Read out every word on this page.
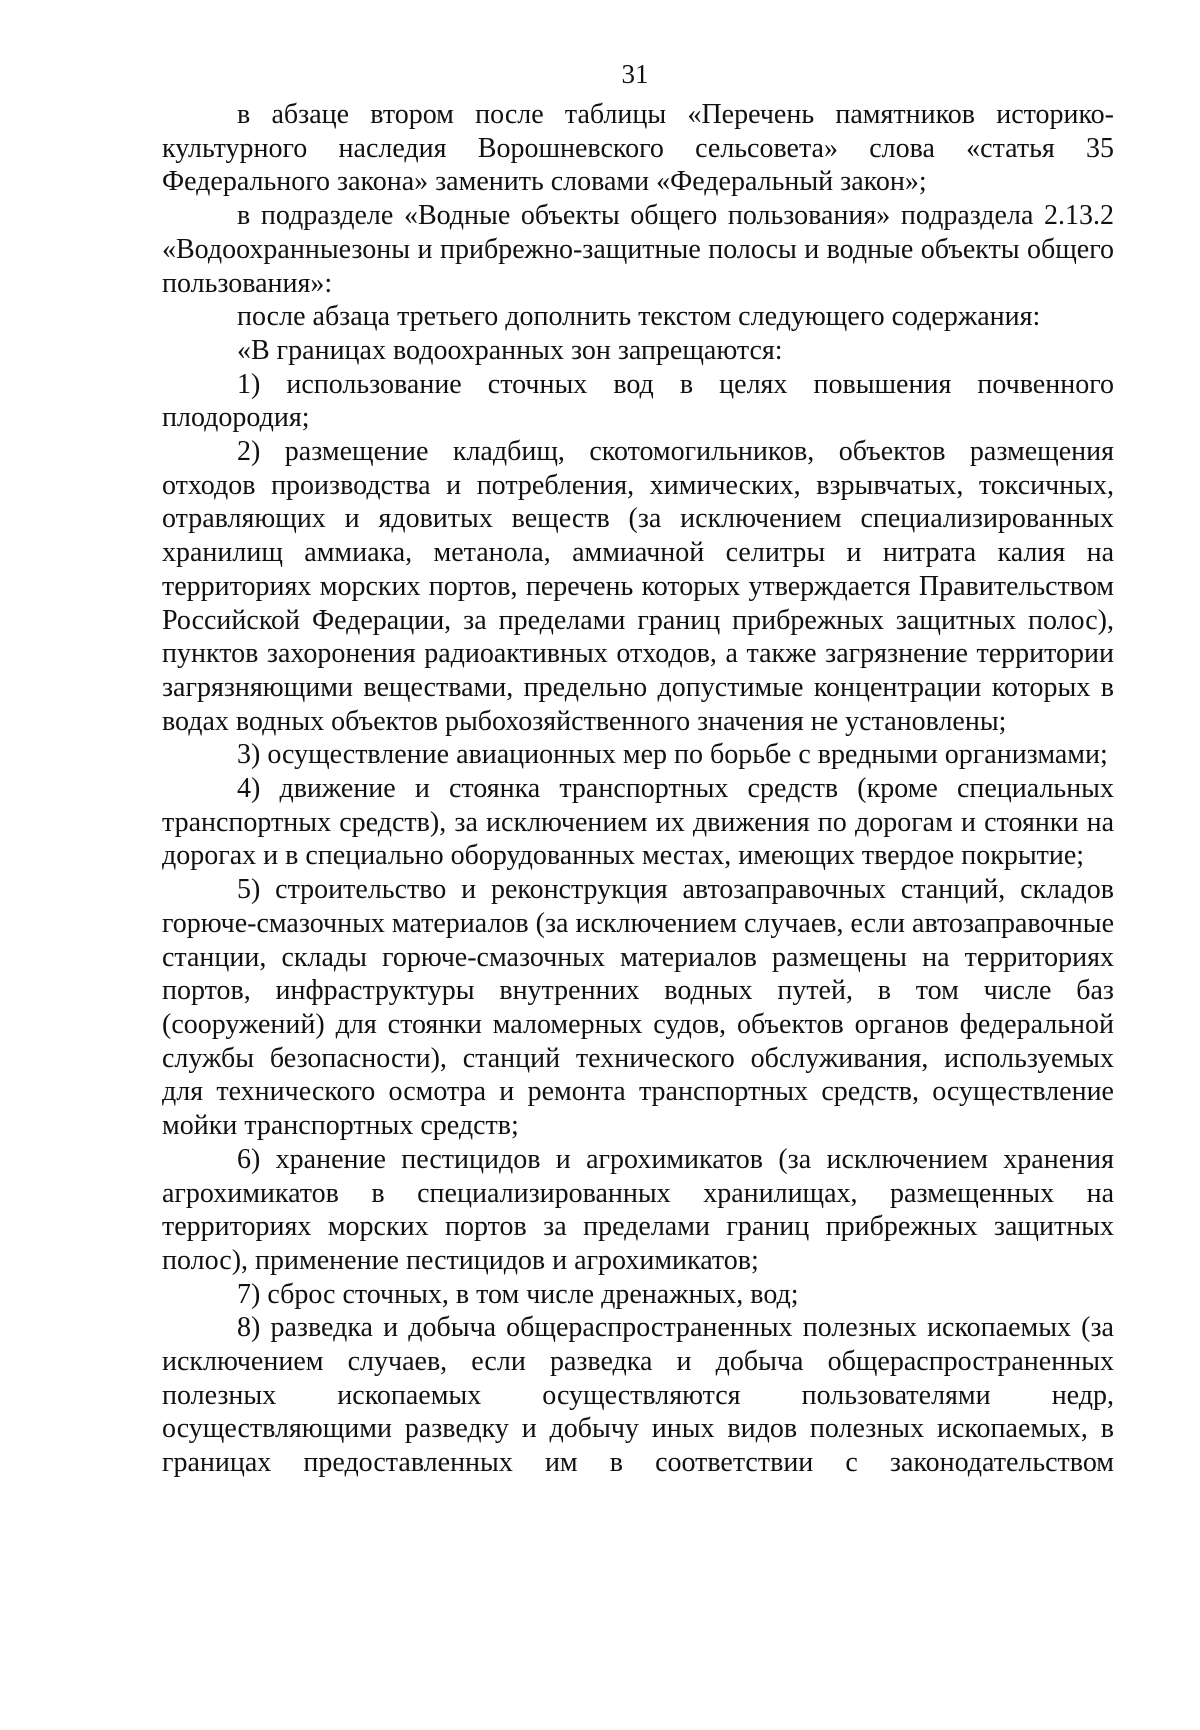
31

в абзаце втором после таблицы «Перечень памятников историко-культурного наследия Ворошневского сельсовета» слова «статья 35 Федерального закона» заменить словами «Федеральный закон»;

в подразделе «Водные объекты общего пользования» подраздела 2.13.2 «Водоохранныезоны и прибрежно-защитные полосы и водные объекты общего пользования»:

после абзаца третьего дополнить текстом следующего содержания:

«В границах водоохранных зон запрещаются:

1) использование сточных вод в целях повышения почвенного плодородия;

2) размещение кладбищ, скотомогильников, объектов размещения отходов производства и потребления, химических, взрывчатых, токсичных, отравляющих и ядовитых веществ (за исключением специализированных хранилищ аммиака, метанола, аммиачной селитры и нитрата калия на территориях морских портов, перечень которых утверждается Правительством Российской Федерации, за пределами границ прибрежных защитных полос), пунктов захоронения радиоактивных отходов, а также загрязнение территории загрязняющими веществами, предельно допустимые концентрации которых в водах водных объектов рыбохозяйственного значения не установлены;

3) осуществление авиационных мер по борьбе с вредными организмами;

4) движение и стоянка транспортных средств (кроме специальных транспортных средств), за исключением их движения по дорогам и стоянки на дорогах и в специально оборудованных местах, имеющих твердое покрытие;

5) строительство и реконструкция автозаправочных станций, складов горюче-смазочных материалов (за исключением случаев, если автозаправочные станции, склады горюче-смазочных материалов размещены на территориях портов, инфраструктуры внутренних водных путей, в том числе баз (сооружений) для стоянки маломерных судов, объектов органов федеральной службы безопасности), станций технического обслуживания, используемых для технического осмотра и ремонта транспортных средств, осуществление мойки транспортных средств;

6) хранение пестицидов и агрохимикатов (за исключением хранения агрохимикатов в специализированных хранилищах, размещенных на территориях морских портов за пределами границ прибрежных защитных полос), применение пестицидов и агрохимикатов;

7) сброс сточных, в том числе дренажных, вод;

8) разведка и добыча общераспространенных полезных ископаемых (за исключением случаев, если разведка и добыча общераспространенных полезных ископаемых осуществляются пользователями недр, осуществляющими разведку и добычу иных видов полезных ископаемых, в границах предоставленных им в соответствии с законодательством
